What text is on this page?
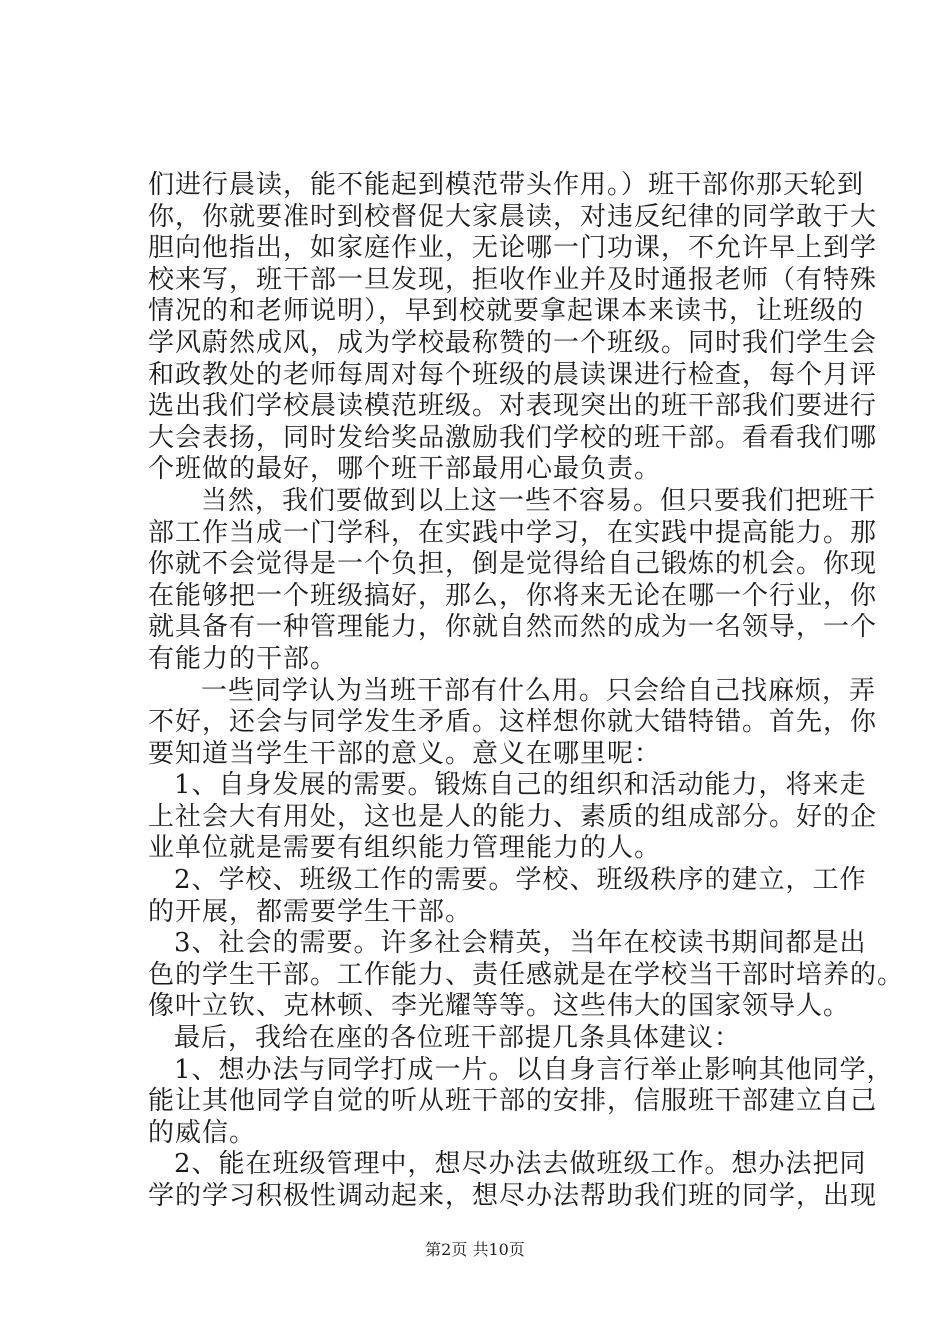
们进行晨读，能不能起到模范带头作用。）班干部你那天轮到
你，你就要准时到校督促大家晨读，对违反纪律的同学敢于大
胆向他指出，如家庭作业，无论哪一门功课，不允许早上到学
校来写，班干部一旦发现，拒收作业并及时通报老师（有特殊
情况的和老师说明），早到校就要拿起课本来读书，让班级的
学风蔚然成风，成为学校最称赞的一个班级。同时我们学生会
和政教处的老师每周对每个班级的晨读课进行检查，每个月评
选出我们学校晨读模范班级。对表现突出的班干部我们要进行
大会表扬，同时发给奖品激励我们学校的班干部。看看我们哪
个班做的最好，哪个班干部最用心最负责。
　当然，我们要做到以上这一些不容易。但只要我们把班干
部工作当成一门学科，在实践中学习，在实践中提高能力。那
你就不会觉得是一个负担，倒是觉得给自己锻炼的机会。你现
在能够把一个班级搞好，那么，你将来无论在哪一个行业，你
就具备有一种管理能力，你就自然而然的成为一名领导，一个
有能力的干部。
　一些同学认为当班干部有什么用。只会给自己找麻烦，弄
不好，还会与同学发生矛盾。这样想你就大错特错。首先，你
要知道当学生干部的意义。意义在哪里呢：
1、自身发展的需要。锻炼自己的组织和活动能力，将来走
上社会大有用处，这也是人的能力、素质的组成部分。好的企
业单位就是需要有组织能力管理能力的人。
2、学校、班级工作的需要。学校、班级秩序的建立，工作
的开展，都需要学生干部。
3、社会的需要。许多社会精英，当年在校读书期间都是出
色的学生干部。工作能力、责任感就是在学校当干部时培养的。
像叶立钦、克林顿、李光耀等等。这些伟大的国家领导人。
最后，我给在座的各位班干部提几条具体建议：
1、想办法与同学打成一片。以自身言行举止影响其他同学，
能让其他同学自觉的听从班干部的安排，信服班干部建立自己
的威信。
2、能在班级管理中，想尽办法去做班级工作。想办法把同
学的学习积极性调动起来，想尽办法帮助我们班的同学，出现
第2页 共10页
